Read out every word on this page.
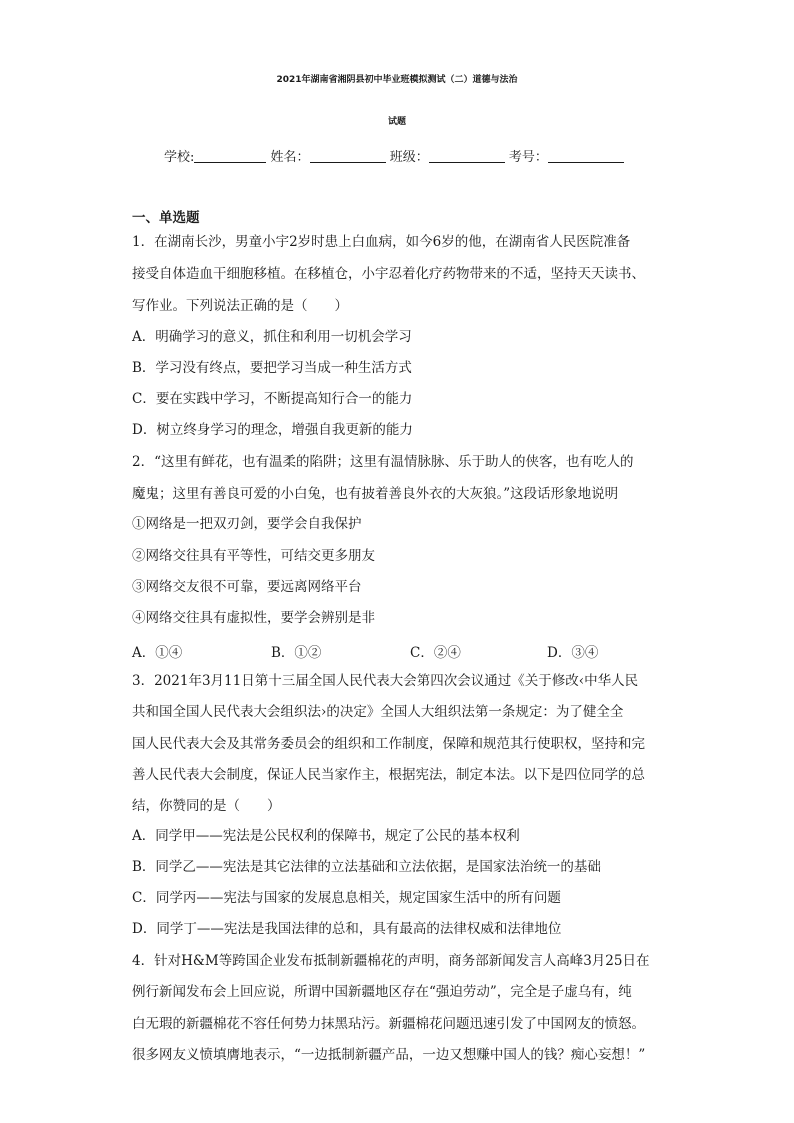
2021年湖南省湘阴县初中毕业班模拟测试（二）道德与法治
试题
学校:	姓名：	班级：	考号：
一、单选题
1．在湖南长沙，男童小宇2岁时患上白血病，如今6岁的他，在湖南省人民医院准备
接受自体造血干细胞移植。在移植仓，小宇忍着化疗药物带来的不适，坚持天天读书、
写作业。下列说法正确的是（　　）
A．明确学习的意义，抓住和利用一切机会学习
B．学习没有终点，要把学习当成一种生活方式
C．要在实践中学习，不断提高知行合一的能力
D．树立终身学习的理念，增强自我更新的能力
2．“这里有鲜花，也有温柔的陷阱；这里有温情脉脉、乐于助人的侠客，也有吃人的
魔鬼；这里有善良可爱的小白兔，也有披着善良外衣的大灰狼。”这段话形象地说明
①网络是一把双刃剑，要学会自我保护
②网络交往具有平等性，可结交更多朋友
③网络交友很不可靠，要远离网络平台
④网络交往具有虚拟性，要学会辨别是非
A．①④	B．①②	C．②④	D．③④
3．2021年3月11日第十三届全国人民代表大会第四次会议通过《关于修改‹中华人民
共和国全国人民代表大会组织法›的决定》全国人大组织法第一条规定：为了健全全
国人民代表大会及其常务委员会的组织和工作制度，保障和规范其行使职权，坚持和完
善人民代表大会制度，保证人民当家作主，根据宪法，制定本法。以下是四位同学的总
结，你赞同的是（　　）
A．同学甲——宪法是公民权利的保障书，规定了公民的基本权利
B．同学乙——宪法是其它法律的立法基础和立法依据，是国家法治统一的基础
C．同学丙——宪法与国家的发展息息相关，规定国家生活中的所有问题
D．同学丁——宪法是我国法律的总和，具有最高的法律权威和法律地位
4．针对H&M等跨国企业发布抵制新疆棉花的声明，商务部新闻发言人高峰3月25日在
例行新闻发布会上回应说，所谓中国新疆地区存在“强迫劳动”，完全是子虚乌有，纯
白无瑕的新疆棉花不容任何势力抹黑玷污。新疆棉花问题迅速引发了中国网友的愤怒。
很多网友义愤填膺地表示，“一边抵制新疆产品，一边又想赚中国人的钱？痴心妄想！”
